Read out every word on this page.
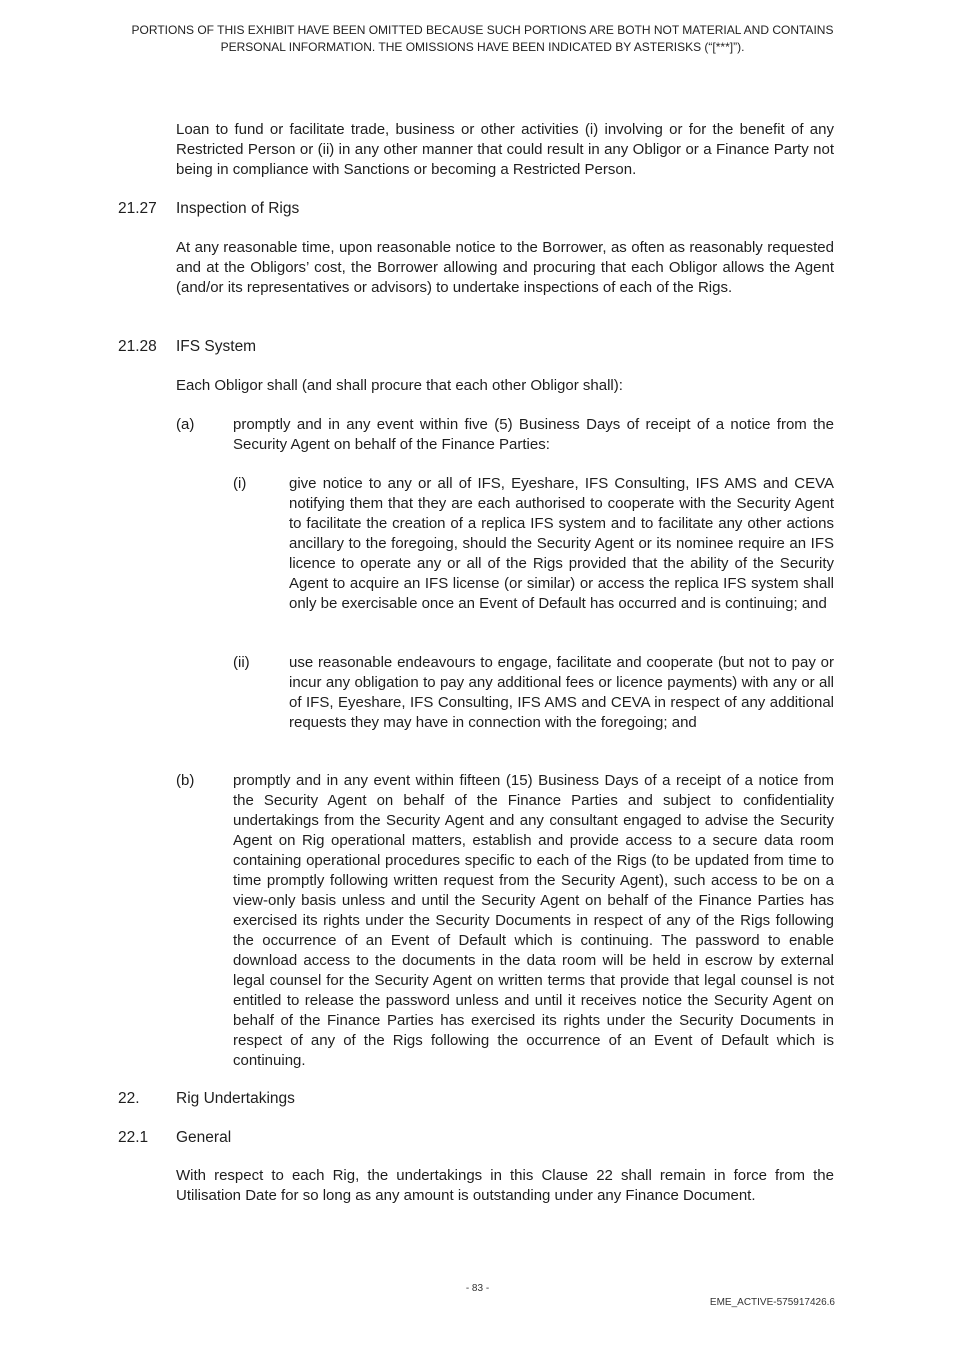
PORTIONS OF THIS EXHIBIT HAVE BEEN OMITTED BECAUSE SUCH PORTIONS ARE BOTH NOT MATERIAL AND CONTAINS PERSONAL INFORMATION. THE OMISSIONS HAVE BEEN INDICATED BY ASTERISKS (“[***]”).
Loan to fund or facilitate trade, business or other activities (i) involving or for the benefit of any Restricted Person or (ii) in any other manner that could result in any Obligor or a Finance Party not being in compliance with Sanctions or becoming a Restricted Person.
21.27 Inspection of Rigs
At any reasonable time, upon reasonable notice to the Borrower, as often as reasonably requested and at the Obligors’ cost, the Borrower allowing and procuring that each Obligor allows the Agent (and/or its representatives or advisors) to undertake inspections of each of the Rigs.
21.28 IFS System
Each Obligor shall (and shall procure that each other Obligor shall):
(a)	promptly and in any event within five (5) Business Days of receipt of a notice from the Security Agent on behalf of the Finance Parties:
(i)	give notice to any or all of IFS, Eyeshare, IFS Consulting, IFS AMS and CEVA notifying them that they are each authorised to cooperate with the Security Agent to facilitate the creation of a replica IFS system and to facilitate any other actions ancillary to the foregoing, should the Security Agent or its nominee require an IFS licence to operate any or all of the Rigs provided that the ability of the Security Agent to acquire an IFS license (or similar) or access the replica IFS system shall only be exercisable once an Event of Default has occurred and is continuing; and
(ii)	use reasonable endeavours to engage, facilitate and cooperate (but not to pay or incur any obligation to pay any additional fees or licence payments) with any or all of IFS, Eyeshare, IFS Consulting, IFS AMS and CEVA in respect of any additional requests they may have in connection with the foregoing; and
(b)	promptly and in any event within fifteen (15) Business Days of a receipt of a notice from the Security Agent on behalf of the Finance Parties and subject to confidentiality undertakings from the Security Agent and any consultant engaged to advise the Security Agent on Rig operational matters, establish and provide access to a secure data room containing operational procedures specific to each of the Rigs (to be updated from time to time promptly following written request from the Security Agent), such access to be on a view-only basis unless and until the Security Agent on behalf of the Finance Parties has exercised its rights under the Security Documents in respect of any of the Rigs following the occurrence of an Event of Default which is continuing. The password to enable download access to the documents in the data room will be held in escrow by external legal counsel for the Security Agent on written terms that provide that legal counsel is not entitled to release the password unless and until it receives notice the Security Agent on behalf of the Finance Parties has exercised its rights under the Security Documents in respect of any of the Rigs following the occurrence of an Event of Default which is continuing.
22. Rig Undertakings
22.1 General
With respect to each Rig, the undertakings in this Clause 22 shall remain in force from the Utilisation Date for so long as any amount is outstanding under any Finance Document.
- 83 -
EME_ACTIVE-575917426.6
